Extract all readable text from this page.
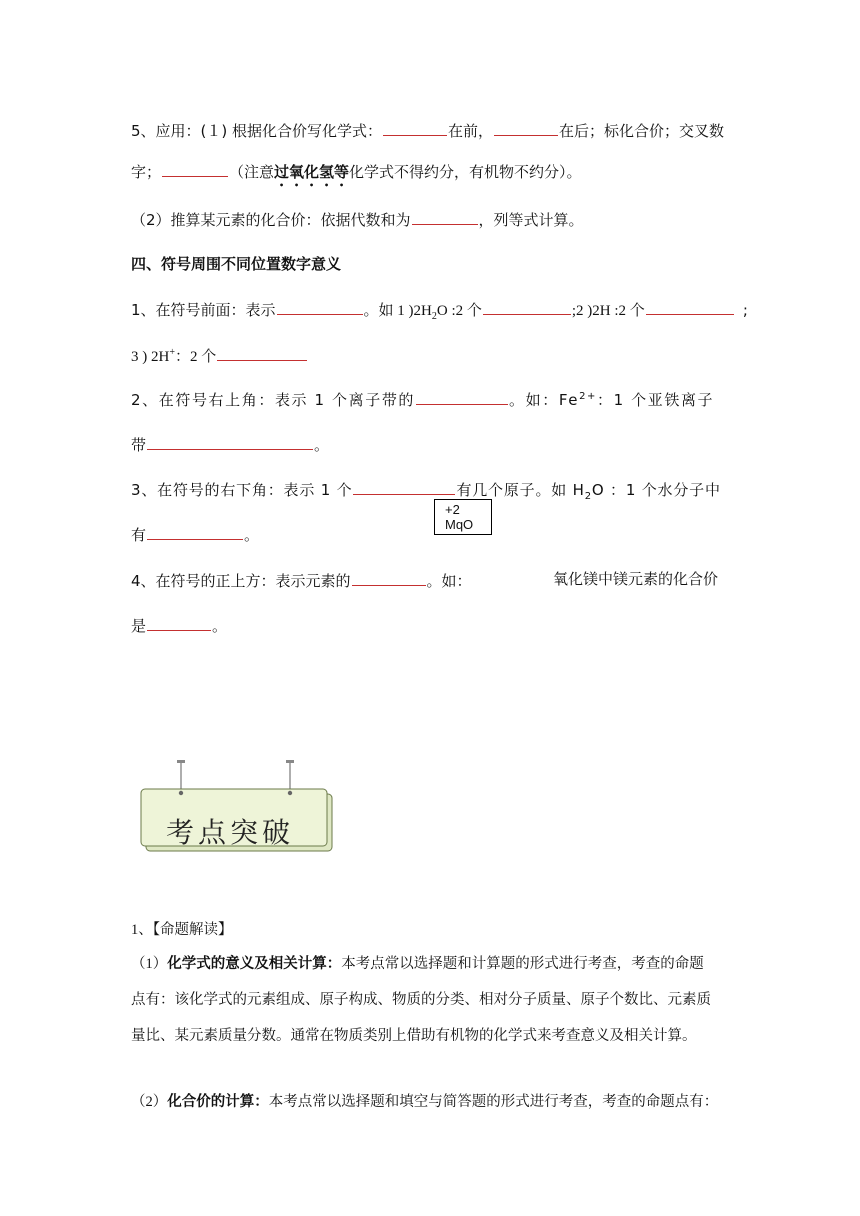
5、应用：(１) 根据化合价写化学式：	在前，	在后；标化合价；交叉数
字；	（注意过氧化氢等化学式不得约分，有机物不约分）。
（2）推算某元素的化合价：依据代数和为	，列等式计算。
四、符号周围不同位置数字意义
1、在符号前面：表示	。如 1 )$2H_2O$ :2 个	;2 )2H :2 个	;
3 ) 2H+：2 个
2、在符号右上角：表示 1 个离子带的	。如：$Fe^{2+}$：1 个亚铁离子
带	。
3、在符号的右下角：表示 1 个	有几个原子。如 $H_2O$ ：1 个水分子中
有	。
+2
MqO
4、在符号的正上方：表示元素的	。如：	氧化镁中镁元素的化合价
是	。
考点突破
1、【命题解读】
（1）化学式的意义及相关计算：本考点常以选择题和计算题的形式进行考查，考查的命题
点有：该化学式的元素组成、原子构成、物质的分类、相对分子质量、原子个数比、元素质
量比、某元素质量分数。通常在物质类别上借助有机物的化学式来考查意义及相关计算。
（2）化合价的计算：本考点常以选择题和填空与简答题的形式进行考查，考查的命题点有：
